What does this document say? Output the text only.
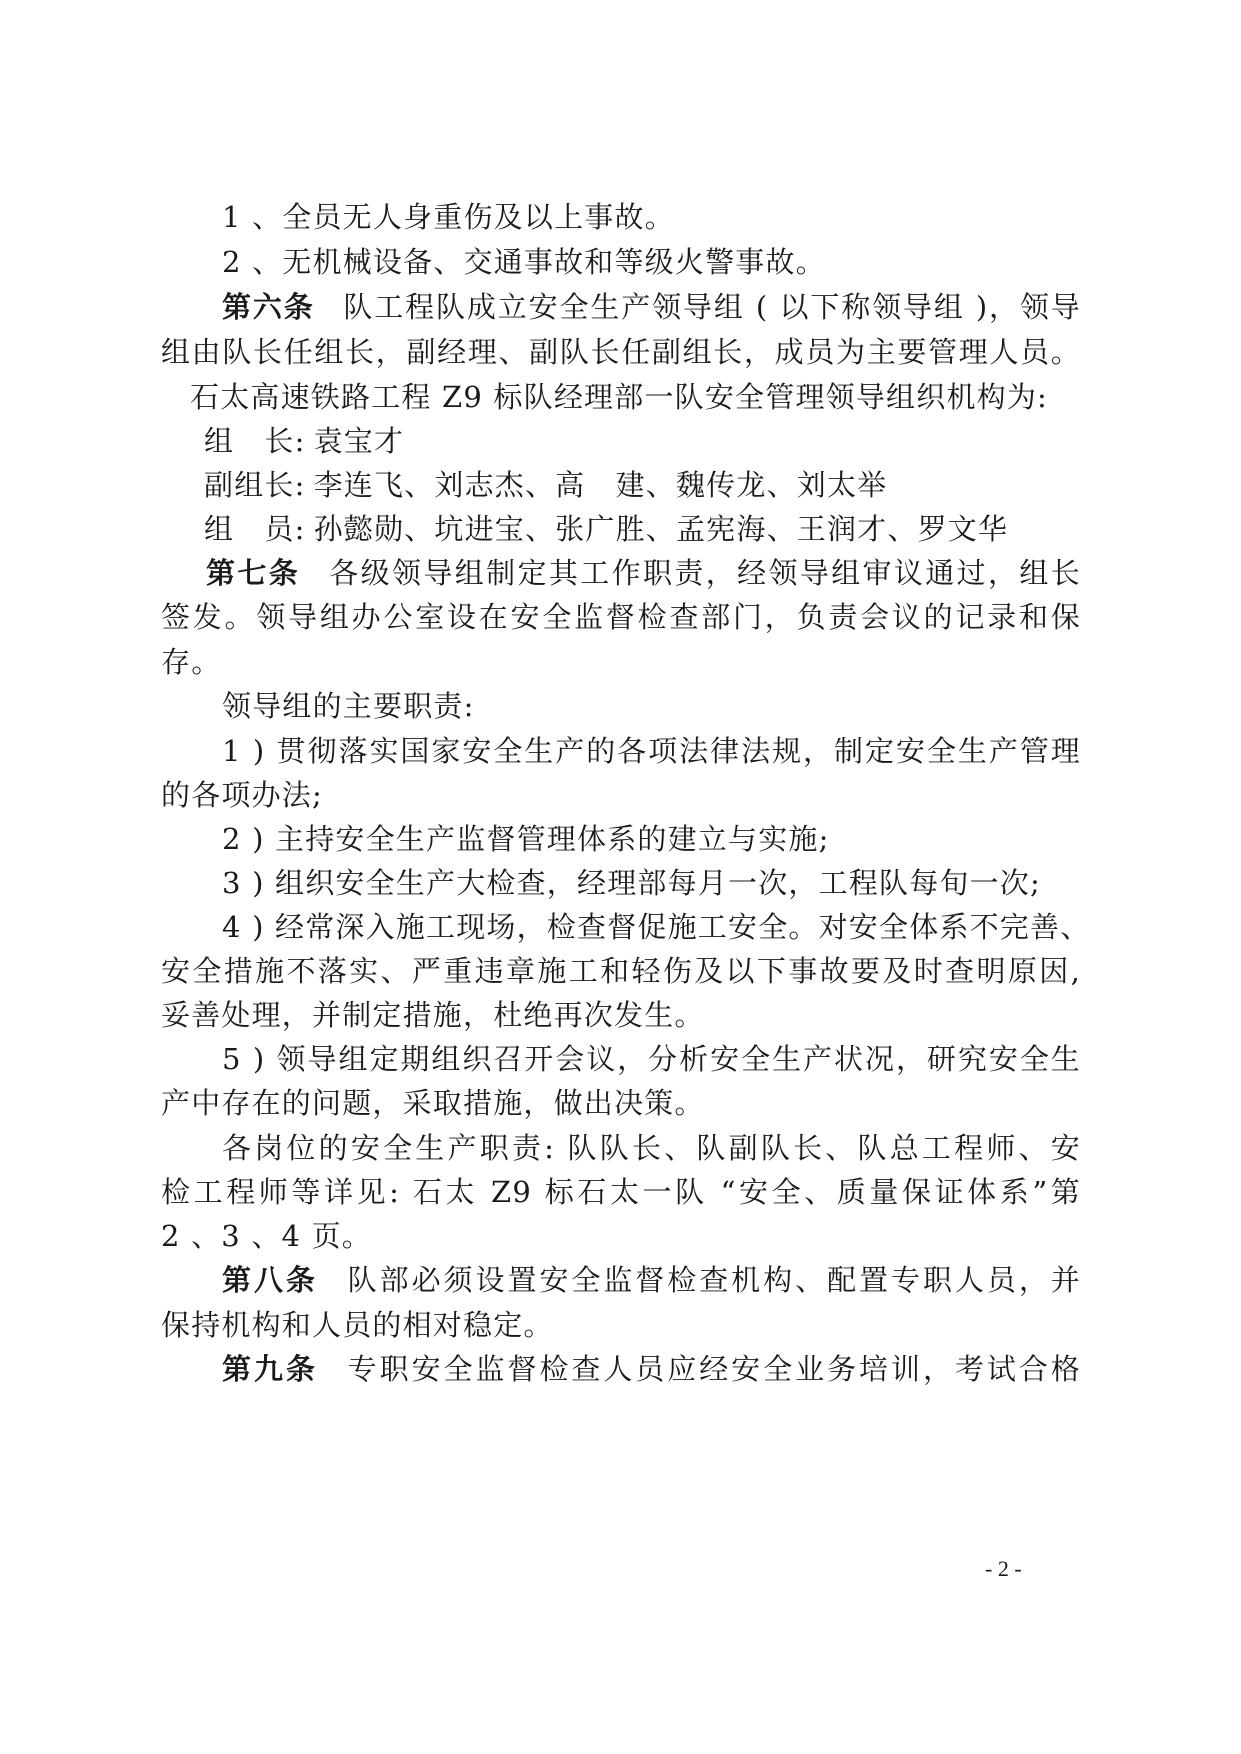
1 、全员无人身重伤及以上事故。
2 、无机械设备、交通事故和等级火警事故。
第六条 队工程队成立安全生产领导组 ( 以下称领导组 )，领导
组由队长任组长，副经理、副队长任副组长，成员为主要管理人员。
石太高速铁路工程 Z9 标队经理部一队安全管理领导组织机构为:
组　长: 袁宝才
副组长: 李连飞、刘志杰、高　建、魏传龙、刘太举
组　员: 孙懿勋、坑进宝、张广胜、孟宪海、王润才、罗文华
第七条 各级领导组制定其工作职责，经领导组审议通过，组长
签发。领导组办公室设在安全监督检查部门，负责会议的记录和保
存。
领导组的主要职责:
1 ) 贯彻落实国家安全生产的各项法律法规，制定安全生产管理
的各项办法;
2 ) 主持安全生产监督管理体系的建立与实施;
3 ) 组织安全生产大检查，经理部每月一次，工程队每旬一次;
4 ) 经常深入施工现场，检查督促施工安全。对安全体系不完善、
安全措施不落实、严重违章施工和轻伤及以下事故要及时查明原因,
妥善处理，并制定措施，杜绝再次发生。
5 ) 领导组定期组织召开会议，分析安全生产状况，研究安全生
产中存在的问题，采取措施，做出决策。
各岗位的安全生产职责: 队队长、队副队长、队总工程师、安
检工程师等详见: 石太 Z9 标石太一队 “安全、质量保证体系”第
2 、3 、4 页。
第八条 队部必须设置安全监督检查机构、配置专职人员，并
保持机构和人员的相对稳定。
第九条 专职安全监督检查人员应经安全业务培训，考试合格
- 2 -
